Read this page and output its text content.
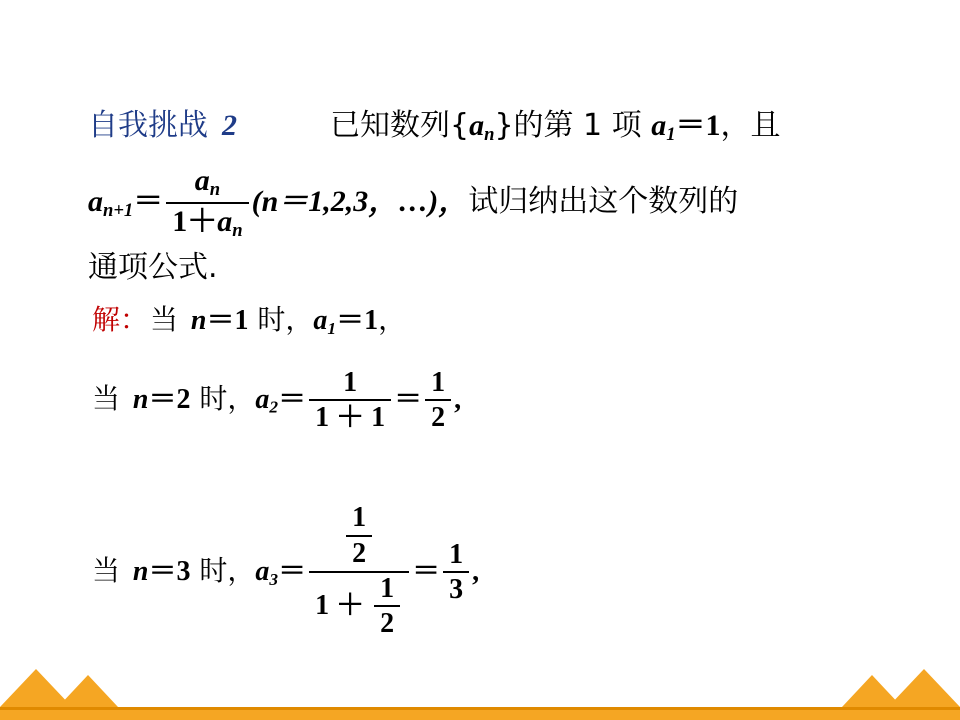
自我挑战 2	已知数列$\{a_n\}$的第 1 项 $a_1=1$，且
$a_{n+1}= \frac{a_n}{1+a_n} (n=1,2,3$，…)，试归纳出这个数列的
通项公式.
解： 当 n＝1 时，$a_1=1$，
当 n＝2 时，$a_2= \frac{1}{1 + 1} = \frac{1}{2}$ ,
当 n＝3 时，$a_3= \frac{\frac{1}{2}}{1 + \frac{1}{2}} = \frac{1}{3}$ ,
